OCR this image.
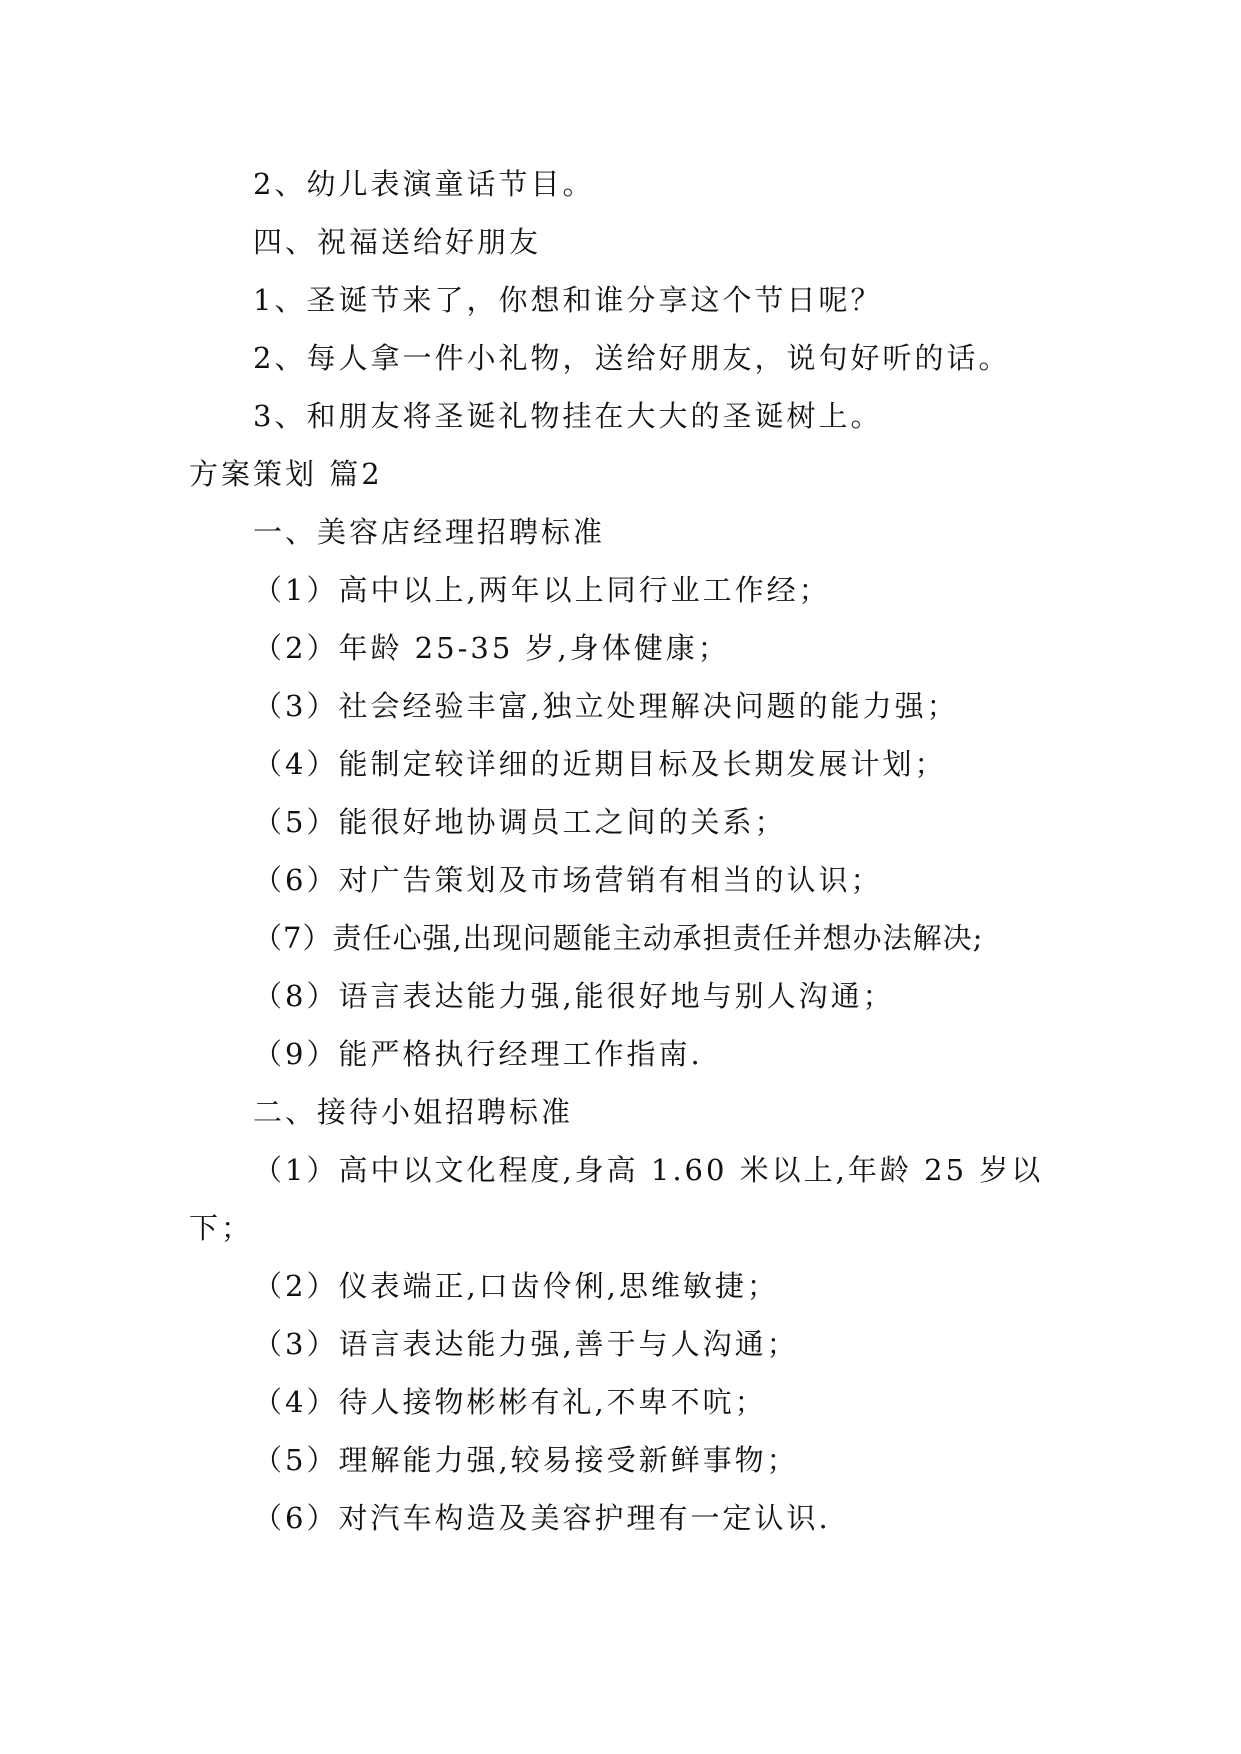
2、幼儿表演童话节目。
四、祝福送给好朋友
1、圣诞节来了，你想和谁分享这个节日呢？
2、每人拿一件小礼物，送给好朋友，说句好听的话。
3、和朋友将圣诞礼物挂在大大的圣诞树上。
方案策划 篇2
一、美容店经理招聘标准
（1）高中以上,两年以上同行业工作经；
（2）年龄 25-35 岁,身体健康；
（3）社会经验丰富,独立处理解决问题的能力强；
（4）能制定较详细的近期目标及长期发展计划；
（5）能很好地协调员工之间的关系；
（6）对广告策划及市场营销有相当的认识；
（7）责任心强,出现问题能主动承担责任并想办法解决;
（8）语言表达能力强,能很好地与别人沟通；
（9）能严格执行经理工作指南.
二、接待小姐招聘标准
（1）高中以文化程度,身高 1.60 米以上,年龄 25 岁以
下；
（2）仪表端正,口齿伶俐,思维敏捷；
（3）语言表达能力强,善于与人沟通；
（4）待人接物彬彬有礼,不卑不吭；
（5）理解能力强,较易接受新鲜事物；
（6）对汽车构造及美容护理有一定认识.
